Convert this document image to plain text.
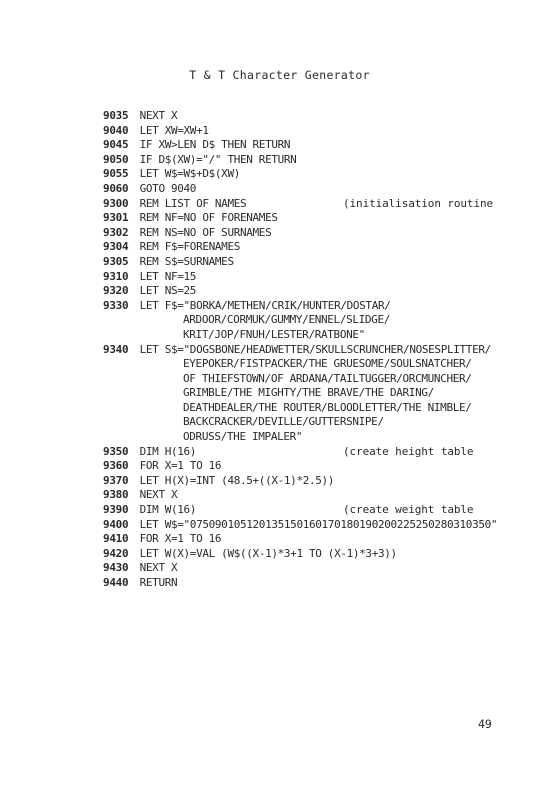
T & T Character Generator
9035 NEXT X
9040 LET XW=XW+1
9045 IF XW>LEN D$ THEN RETURN
9050 IF D$(XW)="/" THEN RETURN
9055 LET W$=W$+D$(XW)
9060 GOTO 9040
9300 REM LIST OF NAMES	(initialisation routine
9301 REM NF=NO OF FORENAMES
9302 REM NS=NO OF SURNAMES
9304 REM F$=FORENAMES
9305 REM S$=SURNAMES
9310 LET NF=15
9320 LET NS=25
9330 LET F$="BORKA/METHEN/CRIK/HUNTER/DOSTAR/
ARDOOR/CORMUK/GUMMY/ENNEL/SLIDGE/
KRIT/JOP/FNUH/LESTER/RATBONE"
9340 LET S$="DOGSBONE/HEADWETTER/SKULLSCRUNCHER/NOSESPLITTER/
EYEPOKER/FISTPACKER/THE GRUESOME/SOULSNATCHER/
OF THIEFSTOWN/OF ARDANA/TAILTUGGER/ORCMUNCHER/
GRIMBLE/THE MIGHTY/THE BRAVE/THE DARING/
DEATHDEALER/THE ROUTER/BLOODLETTER/THE NIMBLE/
BACKCRACKER/DEVILLE/GUTTERSNIPE/
ODRUSS/THE IMPALER"
9350 DIM H(16)	(create height table
9360 FOR X=1 TO 16
9370 LET H(X)=INT (48.5+((X-1)*2.5))
9380 NEXT X
9390 DIM W(16)	(create weight table
9400 LET W$="075090105120135150160170180190200225250280310350"
9410 FOR X=1 TO 16
9420 LET W(X)=VAL (W$((X-1)*3+1 TO (X-1)*3+3))
9430 NEXT X
9440 RETURN
49
